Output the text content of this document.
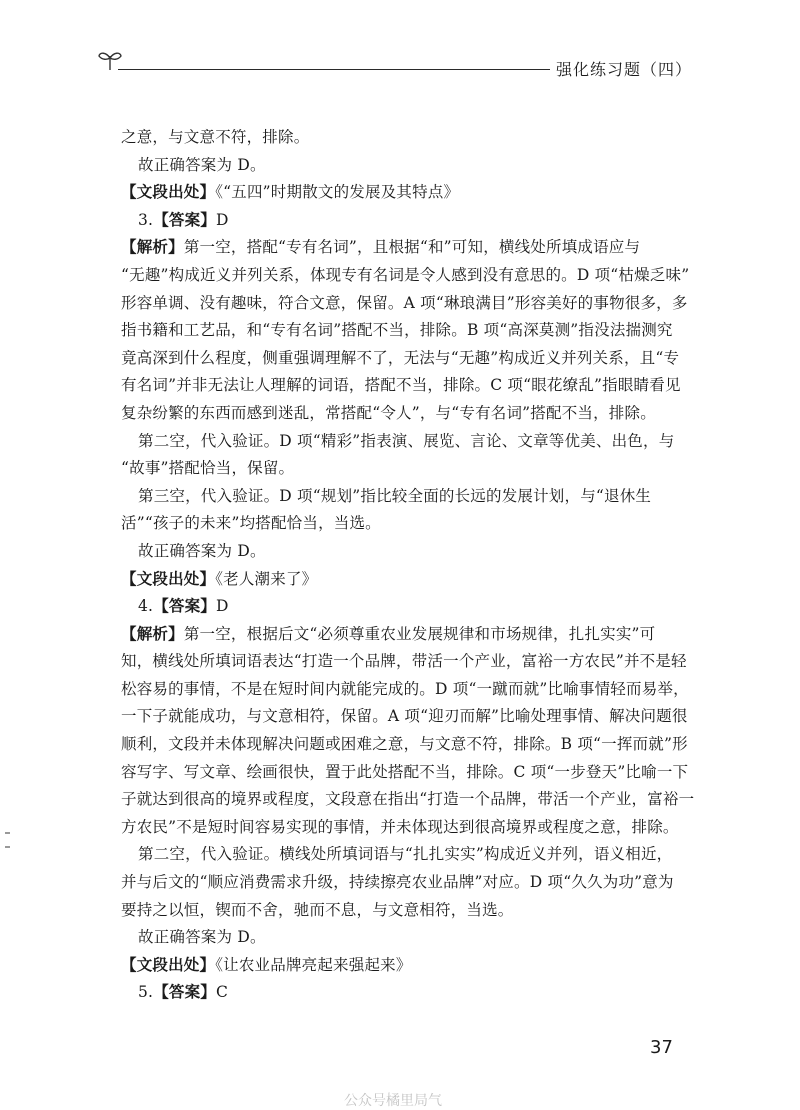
强化练习题（四）
之意，与文意不符，排除。
故正确答案为 D。
【文段出处】《“五四”时期散文的发展及其特点》
3.【答案】D
【解析】第一空，搭配“专有名词”，且根据“和”可知，横线处所填成语应与
“无趣”构成近义并列关系，体现专有名词是令人感到没有意思的。D 项“枯燥乏味”
形容单调、没有趣味，符合文意，保留。A 项“琳琅满目”形容美好的事物很多，多
指书籍和工艺品，和“专有名词”搭配不当，排除。B 项“高深莫测”指没法揣测究
竟高深到什么程度，侧重强调理解不了，无法与“无趣”构成近义并列关系，且“专
有名词”并非无法让人理解的词语，搭配不当，排除。C 项“眼花缭乱”指眼睛看见
复杂纷繁的东西而感到迷乱，常搭配“令人”，与“专有名词”搭配不当，排除。
第二空，代入验证。D 项“精彩”指表演、展览、言论、文章等优美、出色，与
“故事”搭配恰当，保留。
第三空，代入验证。D 项“规划”指比较全面的长远的发展计划，与“退休生
活”“孩子的未来”均搭配恰当，当选。
故正确答案为 D。
【文段出处】《老人潮来了》
4.【答案】D
【解析】第一空，根据后文“必须尊重农业发展规律和市场规律，扎扎实实”可
知，横线处所填词语表达“打造一个品牌，带活一个产业，富裕一方农民”并不是轻
松容易的事情，不是在短时间内就能完成的。D 项“一蹴而就”比喻事情轻而易举，
一下子就能成功，与文意相符，保留。A 项“迎刃而解”比喻处理事情、解决问题很
顺利，文段并未体现解决问题或困难之意，与文意不符，排除。B 项“一挥而就”形
容写字、写文章、绘画很快，置于此处搭配不当，排除。C 项“一步登天”比喻一下
子就达到很高的境界或程度，文段意在指出“打造一个品牌，带活一个产业，富裕一
方农民”不是短时间容易实现的事情，并未体现达到很高境界或程度之意，排除。
第二空，代入验证。横线处所填词语与“扎扎实实”构成近义并列，语义相近，
并与后文的“顺应消费需求升级，持续擦亮农业品牌”对应。D 项“久久为功”意为
要持之以恒，锲而不舍，驰而不息，与文意相符，当选。
故正确答案为 D。
【文段出处】《让农业品牌亮起来强起来》
5.【答案】C
37
公众号橘里局气
